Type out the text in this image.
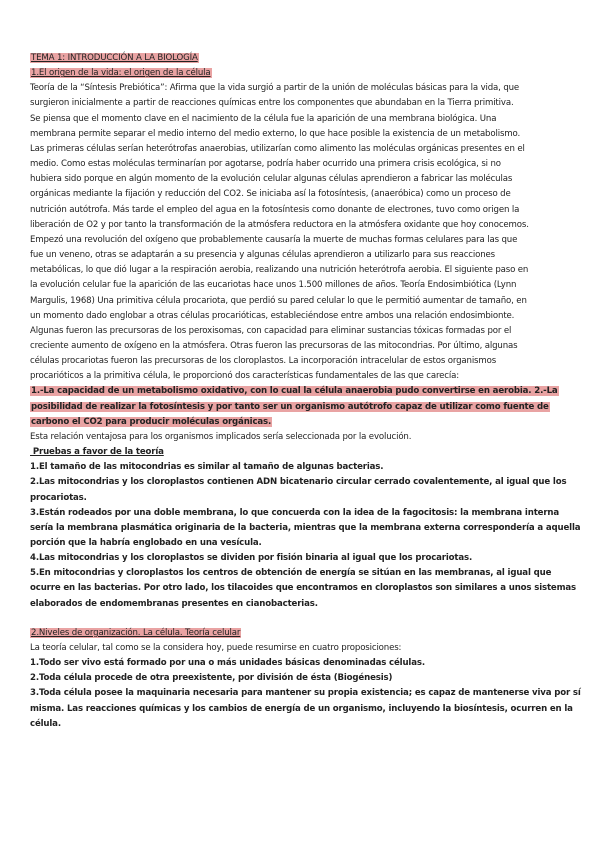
TEMA 1: INTRODUCCIÓN A LA BIOLOGÍA
1.El origen de la vida: el origen de la célula
Teoría de la “Síntesis Prebiótica”: Afirma que la vida surgió a partir de la unión de moléculas básicas para la vida, que
surgieron inicialmente a partir de reacciones químicas entre los componentes que abundaban en la Tierra primitiva.
Se piensa que el momento clave en el nacimiento de la célula fue la aparición de una membrana biológica. Una
membrana permite separar el medio interno del medio externo, lo que hace posible la existencia de un metabolismo.
Las primeras células serían heterótrofas anaerobias, utilizarían como alimento las moléculas orgánicas presentes en el
medio. Como estas moléculas terminarían por agotarse, podría haber ocurrido una primera crisis ecológica, si no
hubiera sido porque en algún momento de la evolución celular algunas células aprendieron a fabricar las moléculas
orgánicas mediante la fijación y reducción del CO2. Se iniciaba así la fotosíntesis, (anaeróbica) como un proceso de
nutrición autótrofa. Más tarde el empleo del agua en la fotosíntesis como donante de electrones, tuvo como origen la
liberación de O2 y por tanto la transformación de la atmósfera reductora en la atmósfera oxidante que hoy conocemos.
Empezó una revolución del oxígeno que probablemente causaría la muerte de muchas formas celulares para las que
fue un veneno, otras se adaptarán a su presencia y algunas células aprendieron a utilizarlo para sus reacciones
metabólicas, lo que dió lugar a la respiración aerobia, realizando una nutrición heterótrofa aerobia. El siguiente paso en
la evolución celular fue la aparición de las eucariotas hace unos 1.500 millones de años. Teoría Endosimbiótica (Lynn
Margulis, 1968) Una primitiva célula procariota, que perdió su pared celular lo que le permitió aumentar de tamaño, en
un momento dado englobar a otras células procarióticas, estableciéndose entre ambos una relación endosimbionte.
Algunas fueron las precursoras de los peroxisomas, con capacidad para eliminar sustancias tóxicas formadas por el
creciente aumento de oxígeno en la atmósfera. Otras fueron las precursoras de las mitocondrias. Por último, algunas
células procariotas fueron las precursoras de los cloroplastos. La incorporación intracelular de estos organismos
procarióticos a la primitiva célula, le proporcionó dos características fundamentales de las que carecía:
1.-La capacidad de un metabolismo oxidativo, con lo cual la célula anaerobia pudo convertirse en aerobia. 2.-La
posibilidad de realizar la fotosíntesis y por tanto ser un organismo autótrofo capaz de utilizar como fuente de
carbono el CO2 para producir moléculas orgánicas.
Esta relación ventajosa para los organismos implicados sería seleccionada por la evolución.
Pruebas a favor de la teoría
1.El tamaño de las mitocondrias es similar al tamaño de algunas bacterias.
2.Las mitocondrias y los cloroplastos contienen ADN bicatenario circular cerrado covalentemente, al igual que los
procariotas.
3.Están rodeados por una doble membrana, lo que concuerda con la idea de la fagocitosis: la membrana interna
sería la membrana plasmática originaria de la bacteria, mientras que la membrana externa correspondería a aquella
porción que la habría englobado en una vesícula.
4.Las mitocondrias y los cloroplastos se dividen por fisión binaria al igual que los procariotas.
5.En mitocondrias y cloroplastos los centros de obtención de energía se sitúan en las membranas, al igual que
ocurre en las bacterias. Por otro lado, los tilacoides que encontramos en cloroplastos son similares a unos sistemas
elaborados de endomembranas presentes en cianobacterias.
2.Niveles de organización. La célula. Teoría celular
La teoría celular, tal como se la considera hoy, puede resumirse en cuatro proposiciones:
1.Todo ser vivo está formado por una o más unidades básicas denominadas células.
2.Toda célula procede de otra preexistente, por división de ésta (Biogénesis)
3.Toda célula posee la maquinaria necesaria para mantener su propia existencia; es capaz de mantenerse viva por sí
misma. Las reacciones químicas y los cambios de energía de un organismo, incluyendo la biosíntesis, ocurren en la
célula.
